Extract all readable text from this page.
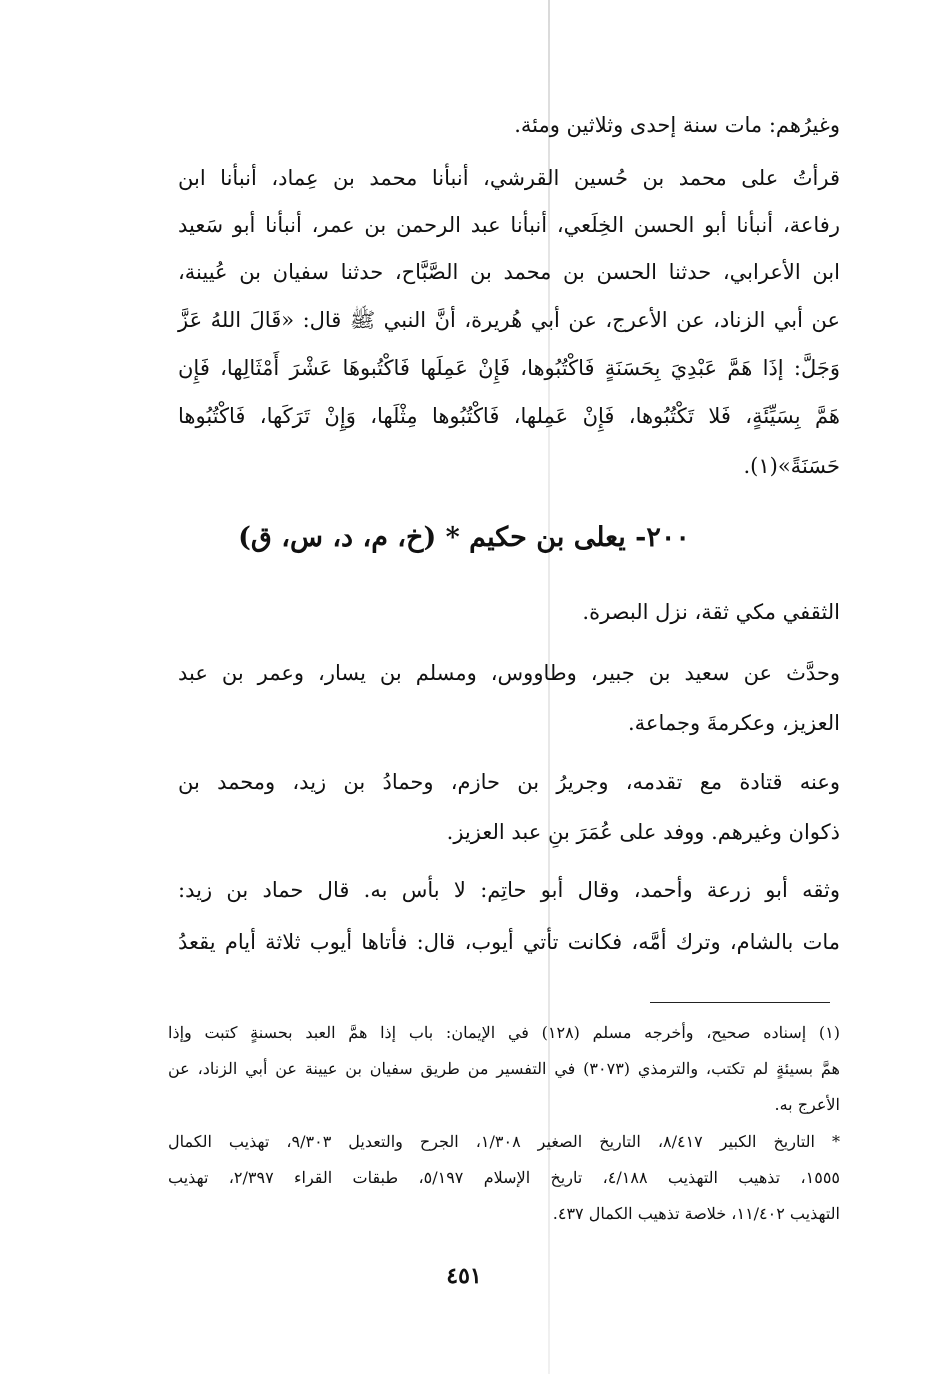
وغيرُهم: مات سنة إحدى وثلاثين ومئة.
قرأتُ على محمد بن حُسين القرشي، أنبأنا محمد بن عِماد، أنبأنا ابن
رفاعة، أنبأنا أبو الحسن الخِلَعي، أنبأنا عبد الرحمن بن عمر، أنبأنا أبو سَعيد
ابن الأعرابي، حدثنا الحسن بن محمد بن الصَّبَّاح، حدثنا سفيان بن عُيينة،
عن أبي الزناد، عن الأعرج، عن أبي هُريرة، أنَّ النبي ﷺ قال: «قَالَ اللهُ عَزَّ
وَجَلَّ: إذَا هَمَّ عَبْدِيَ بِحَسَنَةٍ فَاكْتُبُوها، فَإِنْ عَمِلَها فَاكْتُبوهَا عَشْرَ أَمْثَالِها، فَإِن
هَمَّ بِسَيِّئَةٍ، فَلا تَكْتُبُوها، فَإِنْ عَمِلها، فَاكْتُبُوها مِثْلَها، وَإِنْ تَرَكَها، فَاكْتُبُوها
حَسَنَةً»(١).
٢٠٠- يعلى بن حكيم * (خ، م، د، س، ق)
الثقفي مكي ثقة، نزل البصرة.
وحدَّث عن سعيد بن جبير، وطاووس، ومسلم بن يسار، وعمر بن عبد
العزيز، وعكرمةَ وجماعة.
وعنه قتادة مع تقدمه، وجريرُ بن حازم، وحمادُ بن زيد، ومحمد بن
ذكوان وغيرهم. ووفد على عُمَرَ بنِ عبد العزيز.
وثقه أبو زرعة وأحمد، وقال أبو حاتِم: لا بأس به. قال حماد بن زيد:
مات بالشام، وترك أمَّه، فكانت تأتي أيوب، قال: فأتاها أيوب ثلاثة أيام يقعدُ
(١) إسناده صحيح، وأخرجه مسلم (١٢٨) في الإيمان: باب إذا همَّ العبد بحسنةٍ كتبت وإذا
همَّ بسيئةٍ لم تكتب، والترمذي (٣٠٧٣) في التفسير من طريق سفيان بن عيينة عن أبي الزناد، عن
الأعرج به.
* التاريخ الكبير ٨/٤١٧، التاريخ الصغير ١/٣٠٨، الجرح والتعديل ٩/٣٠٣، تهذيب الكمال
١٥٥٥، تذهيب التهذيب ٤/١٨٨، تاريخ الإسلام ٥/١٩٧، طبقات القراء ٢/٣٩٧، تهذيب
التهذيب ١١/٤٠٢، خلاصة تذهيب الكمال ٤٣٧.
٤٥١
